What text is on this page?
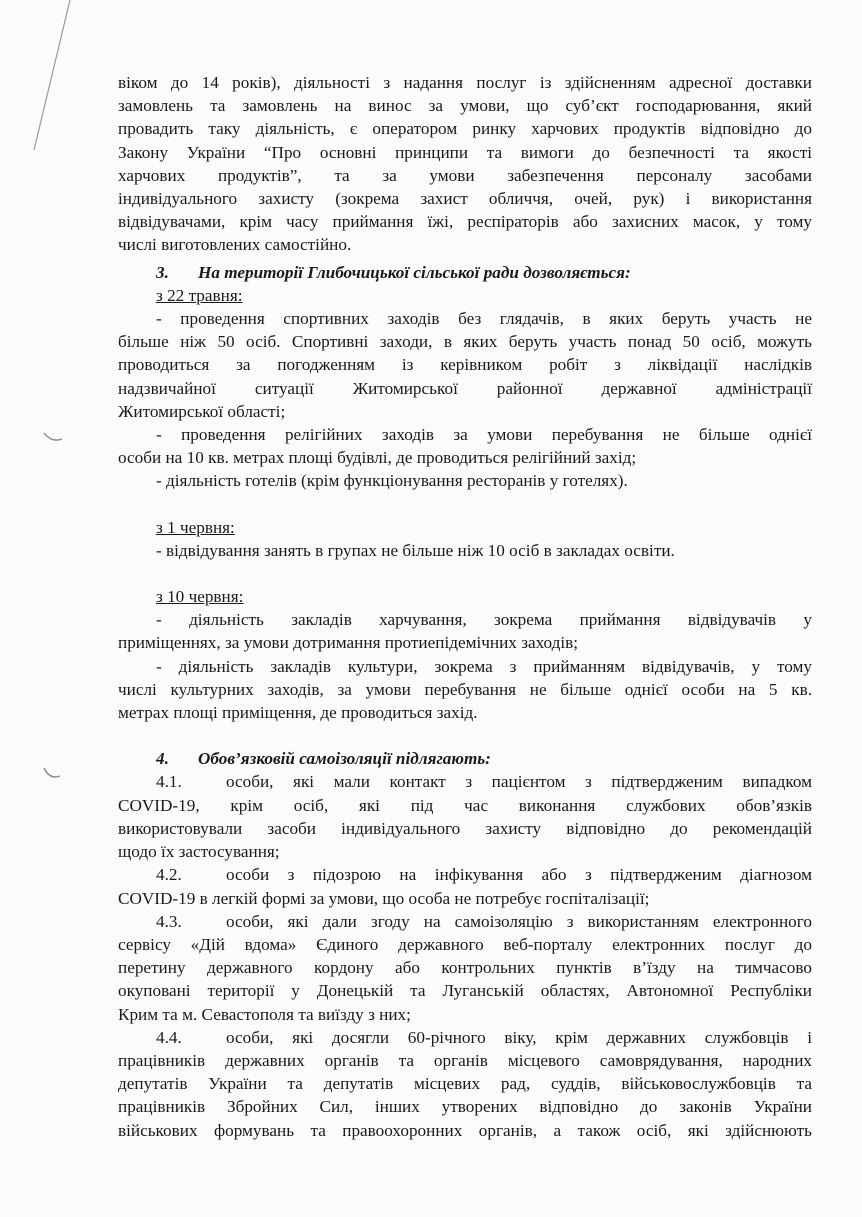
віком до 14 років), діяльності з надання послуг із здійсненням адресної доставки

замовлень та замовлень на винос за умови, що суб’єкт господарювання, який

провадить таку діяльність, є оператором ринку харчових продуктів відповідно до

Закону України “Про основні принципи та вимоги до безпечності та якості

харчових продуктів”, та за умови забезпечення персоналу засобами

індивідуального захисту (зокрема захист обличчя, очей, рук) і використання

відвідувачами, крім часу приймання їжі, респіраторів або захисних масок, у тому

числі виготовлених самостійно.

3. На території Глибочицької сільської ради дозволяється:

з 22 травня:

- проведення спортивних заходів без глядачів, в яких беруть участь не

більше ніж 50 осіб. Спортивні заходи, в яких беруть участь понад 50 осіб, можуть

проводиться за погодженням із керівником робіт з ліквідації наслідків

надзвичайної ситуації Житомирської районної державної адміністрації

Житомирської області;

- проведення релігійних заходів за умови перебування не більше однієї

особи на 10 кв. метрах площі будівлі, де проводиться релігійний захід;

- діяльність готелів (крім функціонування ресторанів у готелях).

з 1 червня:

- відвідування занять в групах не більше ніж 10 осіб в закладах освіти.

з 10 червня:

- діяльність закладів харчування, зокрема приймання відвідувачів у

приміщеннях, за умови дотримання протиепідемічних заходів;

- діяльність закладів культури, зокрема з прийманням відвідувачів, у тому

числі культурних заходів, за умови перебування не більше однієї особи на 5 кв.

метрах площі приміщення, де проводиться захід.

4. Обов’язковій самоізоляції підлягають:

4.1.	особи, які мали контакт з пацієнтом з підтвердженим випадком

COVID-19, крім осіб, які під час виконання службових обов’язків

використовували засоби індивідуального захисту відповідно до рекомендацій

щодо їх застосування;

4.2.	особи з підозрою на інфікування або з підтвердженим діагнозом

COVID-19 в легкій формі за умови, що особа не потребує госпіталізації;

4.3.	особи, які дали згоду на самоізоляцію з використанням електронного

сервісу «Дій вдома» Єдиного державного веб-порталу електронних послуг до

перетину державного кордону або контрольних пунктів в’їзду на тимчасово

окуповані території у Донецькій та Луганській областях, Автономної Республіки

Крим та м. Севастополя та виїзду з них;

4.4.	особи, які досягли 60-річного віку, крім державних службовців і

працівників державних органів та органів місцевого самоврядування, народних

депутатів України та депутатів місцевих рад, суддів, військовослужбовців та

працівників Збройних Сил, інших утворених відповідно до законів України

військових формувань та правоохоронних органів, а також осіб, які здійснюють
